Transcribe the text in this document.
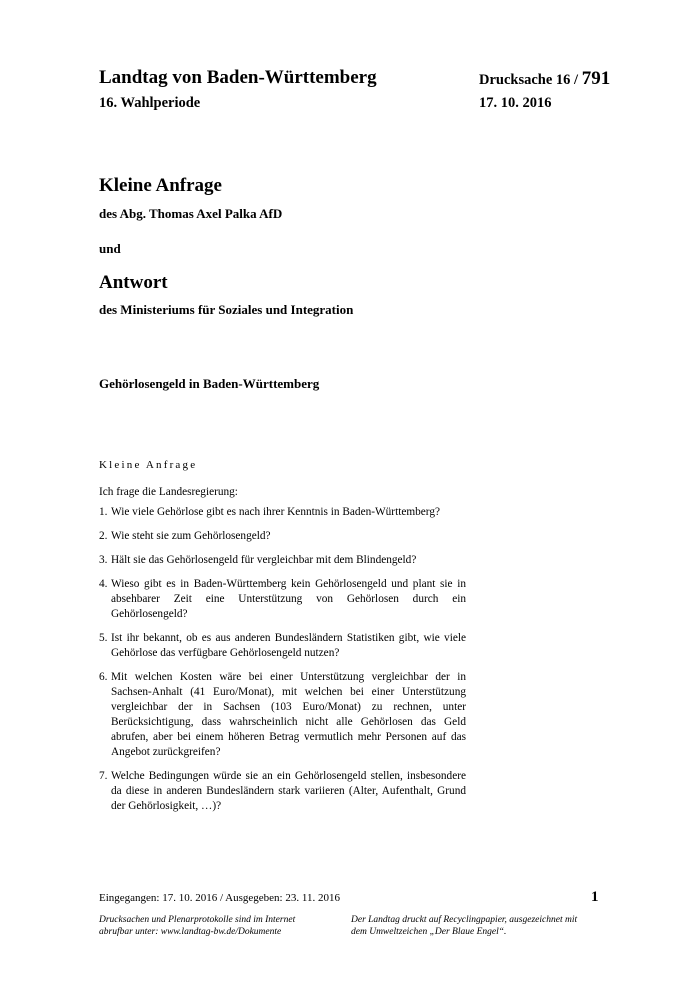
Landtag von Baden-Württemberg
16. Wahlperiode
Drucksache 16 / 791
17. 10. 2016
Kleine Anfrage
des Abg. Thomas Axel Palka AfD
und
Antwort
des Ministeriums für Soziales und Integration
Gehörlosengeld in Baden-Württemberg
Kleine Anfrage
Ich frage die Landesregierung:
1. Wie viele Gehörlose gibt es nach ihrer Kenntnis in Baden-Württemberg?
2. Wie steht sie zum Gehörlosengeld?
3. Hält sie das Gehörlosengeld für vergleichbar mit dem Blindengeld?
4. Wieso gibt es in Baden-Württemberg kein Gehörlosengeld und plant sie in absehbarer Zeit eine Unterstützung von Gehörlosen durch ein Gehörlosengeld?
5. Ist ihr bekannt, ob es aus anderen Bundesländern Statistiken gibt, wie viele Gehörlose das verfügbare Gehörlosengeld nutzen?
6. Mit welchen Kosten wäre bei einer Unterstützung vergleichbar der in Sachsen-Anhalt (41 Euro/Monat), mit welchen bei einer Unterstützung vergleichbar der in Sachsen (103 Euro/Monat) zu rechnen, unter Berücksichtigung, dass wahrscheinlich nicht alle Gehörlosen das Geld abrufen, aber bei einem höheren Betrag vermutlich mehr Personen auf das Angebot zurückgreifen?
7. Welche Bedingungen würde sie an ein Gehörlosengeld stellen, insbesondere da diese in anderen Bundesländern stark variieren (Alter, Aufenthalt, Grund der Gehörlosigkeit, …)?
Eingegangen: 17. 10. 2016 / Ausgegeben: 23. 11. 2016	1
Drucksachen und Plenarprotokolle sind im Internet abrufbar unter: www.landtag-bw.de/Dokumente
Der Landtag druckt auf Recyclingpapier, ausgezeichnet mit dem Umweltzeichen „Der Blaue Engel“.
